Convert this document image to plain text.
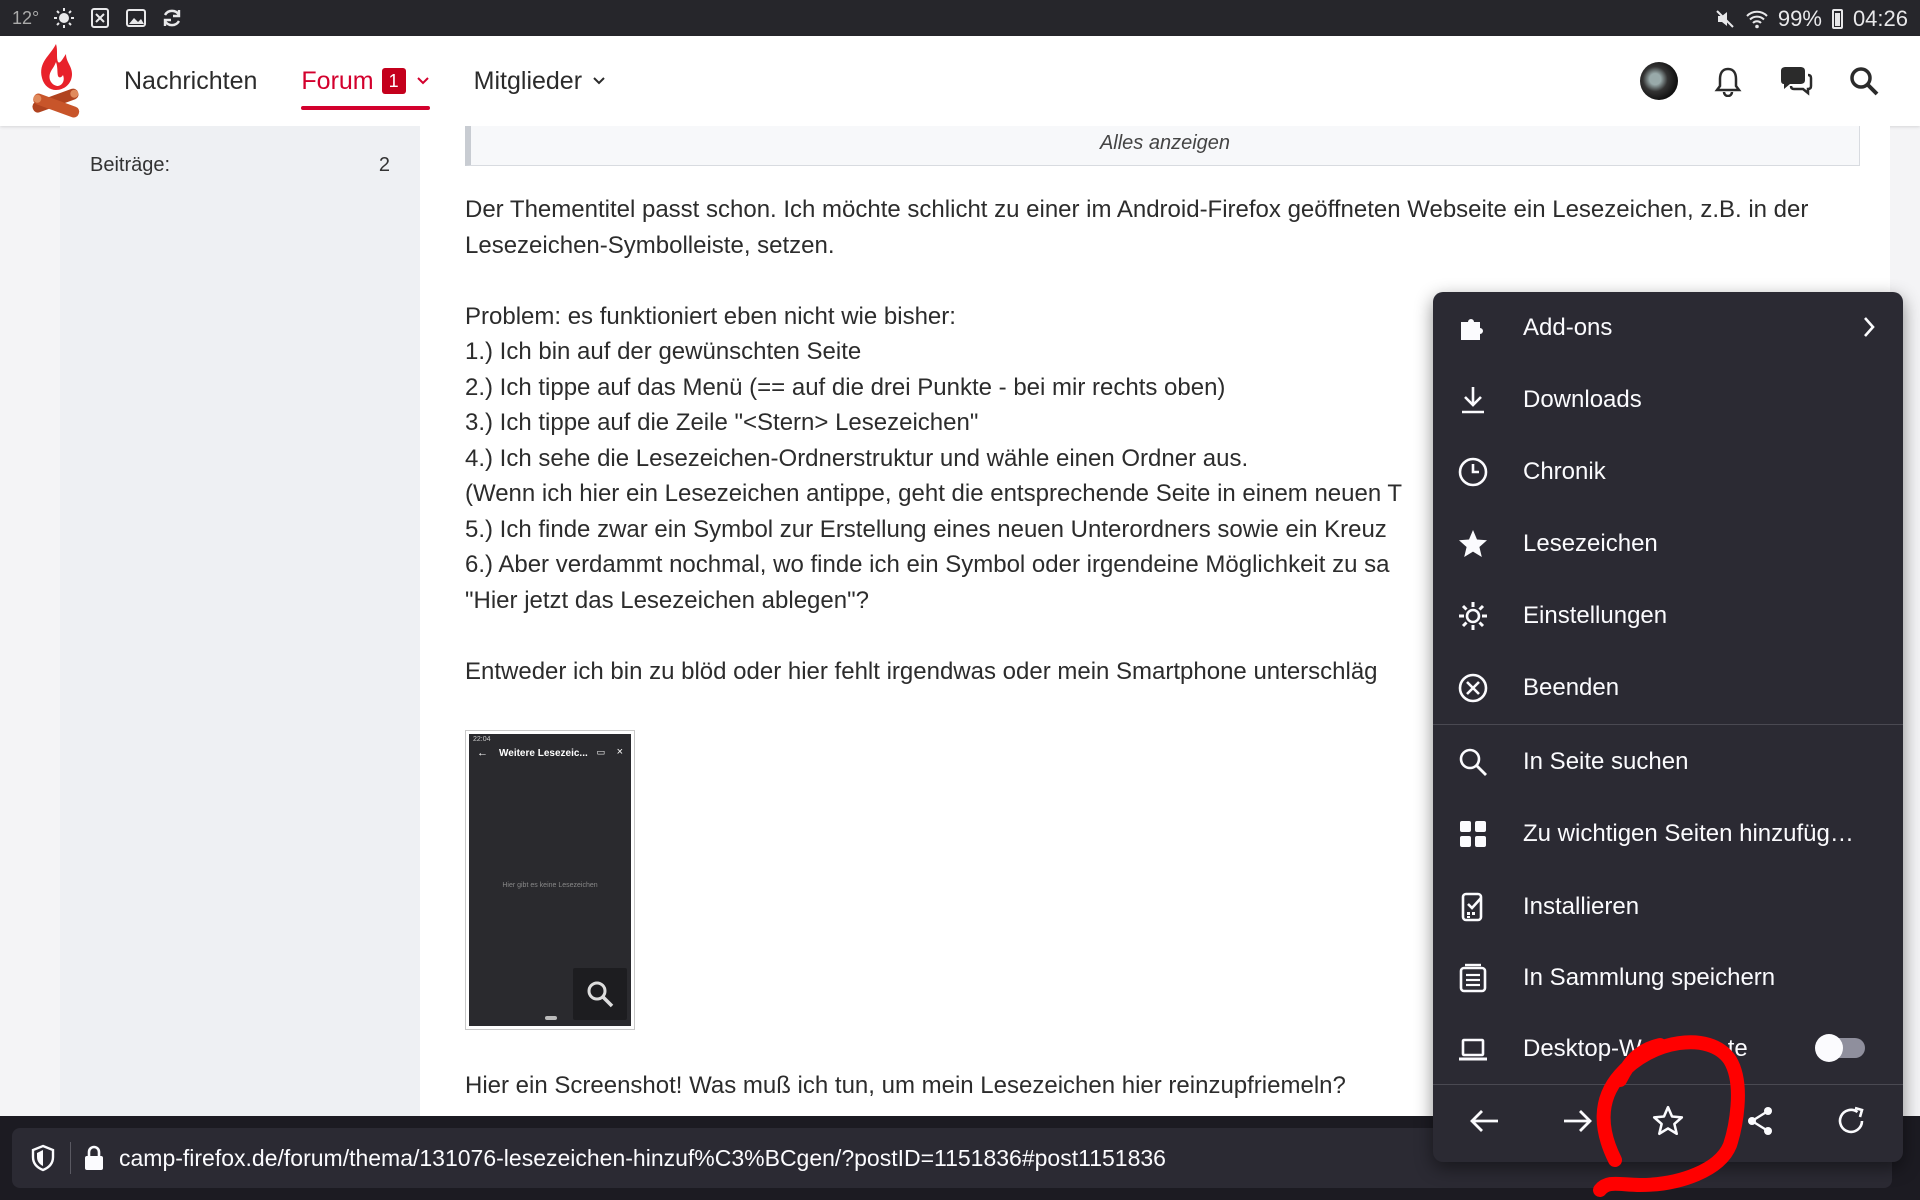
12°	99% 04:26
Nachrichten Forum 1	Mitglieder
Beiträge:	2
Alles anzeigen

Der Thementitel passt schon. Ich möchte schlicht zu einer im Android-Firefox geöffneten Webseite ein Lesezeichen, z.B. in der Lesezeichen-Symbolleiste, setzen.

Problem: es funktioniert eben nicht wie bisher:

1.) Ich bin auf der gewünschten Seite

2.) Ich tippe auf das Menü (== auf die drei Punkte - bei mir rechts oben)

3.) Ich tippe auf die Zeile "<Stern> Lesezeichen"

4.) Ich sehe die Lesezeichen-Ordnerstruktur und wähle einen Ordner aus.

(Wenn ich hier ein Lesezeichen antippe, geht die entsprechende Seite in einem neuen T

5.) Ich finde zwar ein Symbol zur Erstellung eines neuen Unterordners sowie ein Kreuz

6.) Aber verdammt nochmal, wo finde ich ein Symbol oder irgendeine Möglichkeit zu sa

"Hier jetzt das Lesezeichen ablegen"?

Entweder ich bin zu blöd oder hier fehlt irgendwas oder mein Smartphone unterschläg

22:04
← Weitere Lesezeic... ▭ ×
Hier gibt es keine Lesezeichen
Hier ein Screenshot! Was muß ich tun, um mein Lesezeichen hier reinzupfriemeln?
camp-firefox.de/forum/thema/131076-lesezeichen-hinzuf%C3%BCgen/?postID=1151836#post1151836
Add-ons
Downloads
Chronik
Lesezeichen
Einstellungen
Beenden
In Seite suchen
Zu wichtigen Seiten hinzufüg…
Installieren
In Sammlung speichern
Desktop-W	te
